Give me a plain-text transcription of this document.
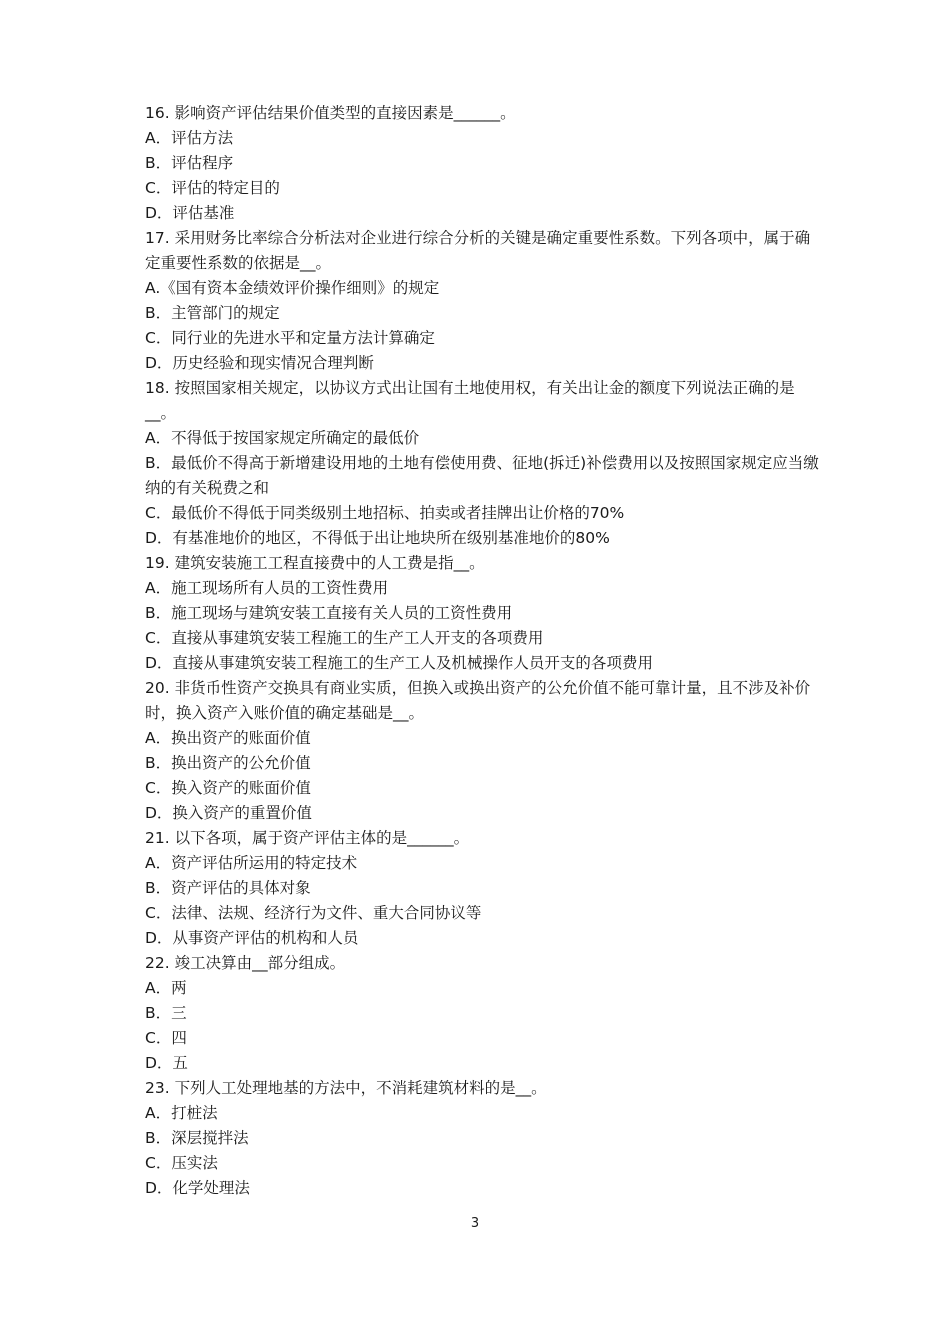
16. 影响资产评估结果价值类型的直接因素是______。
A．评估方法
B．评估程序
C．评估的特定目的
D．评估基准
17. 采用财务比率综合分析法对企业进行综合分析的关键是确定重要性系数。下列各项中，属于确定重要性系数的依据是__。
A.《国有资本金绩效评价操作细则》的规定
B．主管部门的规定
C．同行业的先进水平和定量方法计算确定
D．历史经验和现实情况合理判断
18. 按照国家相关规定，以协议方式出让国有土地使用权，有关出让金的额度下列说法正确的是__。
A．不得低于按国家规定所确定的最低价
B．最低价不得高于新增建设用地的土地有偿使用费、征地(拆迁)补偿费用以及按照国家规定应当缴纳的有关税费之和
C．最低价不得低于同类级别土地招标、拍卖或者挂牌出让价格的70%
D．有基准地价的地区，不得低于出让地块所在级别基准地价的80%
19. 建筑安装施工工程直接费中的人工费是指__。
A．施工现场所有人员的工资性费用
B．施工现场与建筑安装工直接有关人员的工资性费用
C．直接从事建筑安装工程施工的生产工人开支的各项费用
D．直接从事建筑安装工程施工的生产工人及机械操作人员开支的各项费用
20. 非货币性资产交换具有商业实质，但换入或换出资产的公允价值不能可靠计量，且不涉及补价时，换入资产入账价值的确定基础是__。
A．换出资产的账面价值
B．换出资产的公允价值
C．换入资产的账面价值
D．换入资产的重置价值
21. 以下各项，属于资产评估主体的是______。
A．资产评估所运用的特定技术
B．资产评估的具体对象
C．法律、法规、经济行为文件、重大合同协议等
D．从事资产评估的机构和人员
22. 竣工决算由__部分组成。
A．两
B．三
C．四
D．五
23. 下列人工处理地基的方法中，不消耗建筑材料的是__。
A．打桩法
B．深层搅拌法
C．压实法
D．化学处理法
3
